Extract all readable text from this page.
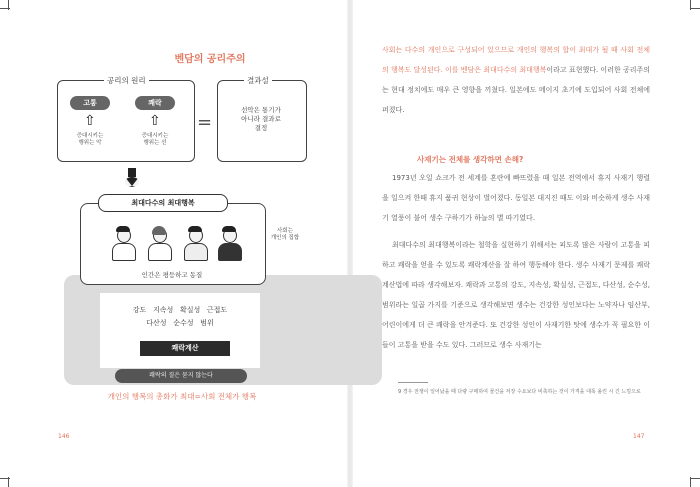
벤담의 공리주의
공리의 원리
고통	쾌락
⇧	⇧
증대시키는
행위는 악
증대시키는
행위는 선
=
결과설
선악은 통기가
아니라 결과로
결정
최대다수의 최대행복
사회는
개인의 집합
인간은 평등하고 동질
강도   지속성   확실성   근접도
다산성   순수성   범위
쾌락계산
쾌락의 질은 묻지 않는다
개인의 행복의 총화가 최대=사회 전체가 행복
146
사회는 다수의 개인으로 구성되어 있으므로 개인의 행복의 합이 최대가 될 때 사회 전체의 행복도 달성된다. 이를 벤담은 최대다수의 최대행복이라고 표현했다. 이러한 공리주의는 현대 정치에도 매우 큰 영향을 끼쳤다. 일본에도 메이지 초기에 도입되어 사회 전체에 퍼졌다.
사재기는 전체를 생각하면 손해?
1973년 오일 쇼크가 전 세계를 혼란에 빠뜨렸을 때 일본 전역에서 휴지 사재기 행렬을 일으켜 한때 휴지 품귀 현상이 벌어졌다. 동일본 대지진 때도 이와 비슷하게 생수 사재기 열풍이 불어 생수 구하기가 하늘의 별 따기였다.
최대다수의 최대행복이라는 철학을 실현하기 위해서는 피도록 많은 사람이 고통을 피하고 쾌락을 얻을 수 있도록 쾌락계산을 잘 하여 행동해야 한다. 생수 사재기 문제를 쾌락계산법에 따라 생각해보자. 쾌락과 고통의 강도, 지속성, 확실성, 근접도, 다산성, 순수성, 범위라는 일곱 가지를 기준으로 생각해보면 생수는 건강한 성인보다는 노약자나 임산부, 어린이에게 더 큰 쾌락을 안겨준다. 또 건강한 성인이 사재기한 탓에 생수가 꼭 필요한 이들이 고통을 받을 수도 있다. 그러므로 생수 사재기는
9 경우 전쟁이 일어났을 때 다량 구매하여 물건을 저장 수요보다 비축하는 것이 가격을 대폭 올린 시 긴 느낌으로
147
